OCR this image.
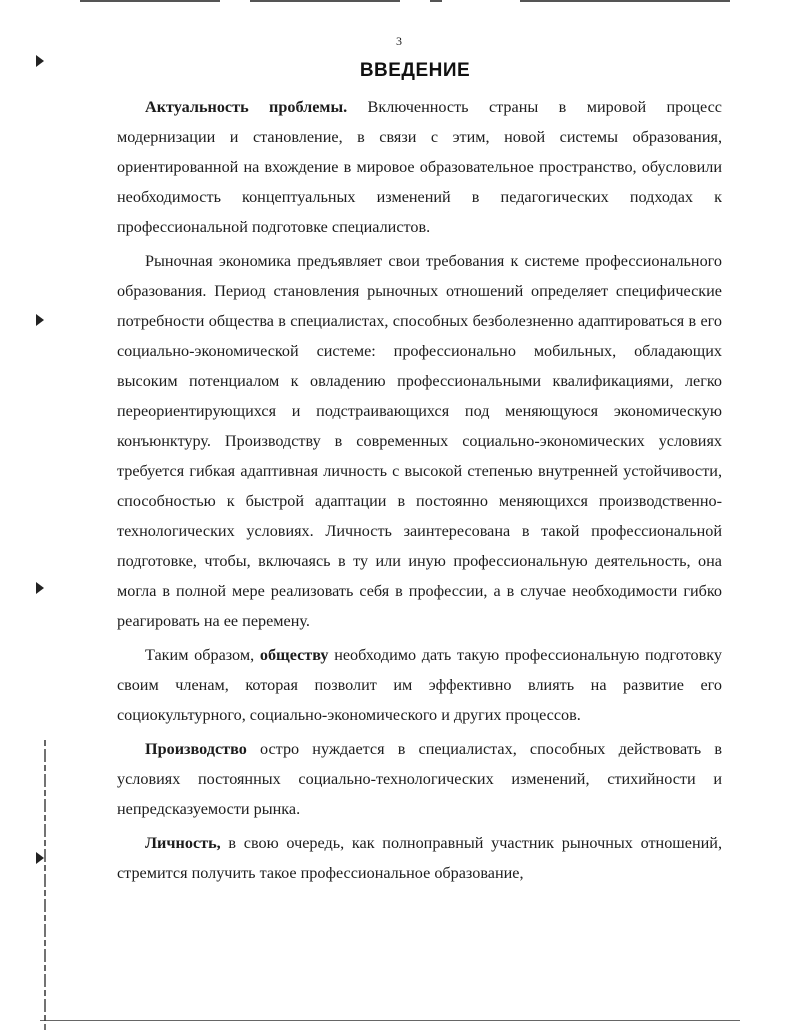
3
ВВЕДЕНИЕ

Актуальность проблемы. Включенность страны в мировой процесс модернизации и становление, в связи с этим, новой системы образования, ориентированной на вхождение в мировое образовательное пространство, обусловили необходимость концептуальных изменений в педагогических подходах к профессиональной подготовке специалистов.

Рыночная экономика предъявляет свои требования к системе профессионального образования. Период становления рыночных отношений определяет специфические потребности общества в специалистах, способных безболезненно адаптироваться в его социально-экономической системе: профессионально мобильных, обладающих высоким потенциалом к овладению профессиональными квалификациями, легко переориентирующихся и подстраивающихся под меняющуюся экономическую конъюнктуру. Производству в современных социально-экономических условиях требуется гибкая адаптивная личность с высокой степенью внутренней устойчивости, способностью к быстрой адаптации в постоянно меняющихся производственно-технологических условиях. Личность заинтересована в такой профессиональной подготовке, чтобы, включаясь в ту или иную профессиональную деятельность, она могла в полной мере реализовать себя в профессии, а в случае необходимости гибко реагировать на ее перемену.

Таким образом, обществу необходимо дать такую профессиональную подготовку своим членам, которая позволит им эффективно влиять на развитие его социокультурного, социально-экономического и других процессов.

Производство остро нуждается в специалистах, способных действовать в условиях постоянных социально-технологических изменений, стихийности и непредсказуемости рынка.

Личность, в свою очередь, как полноправный участник рыночных отношений, стремится получить такое профессиональное образование,
